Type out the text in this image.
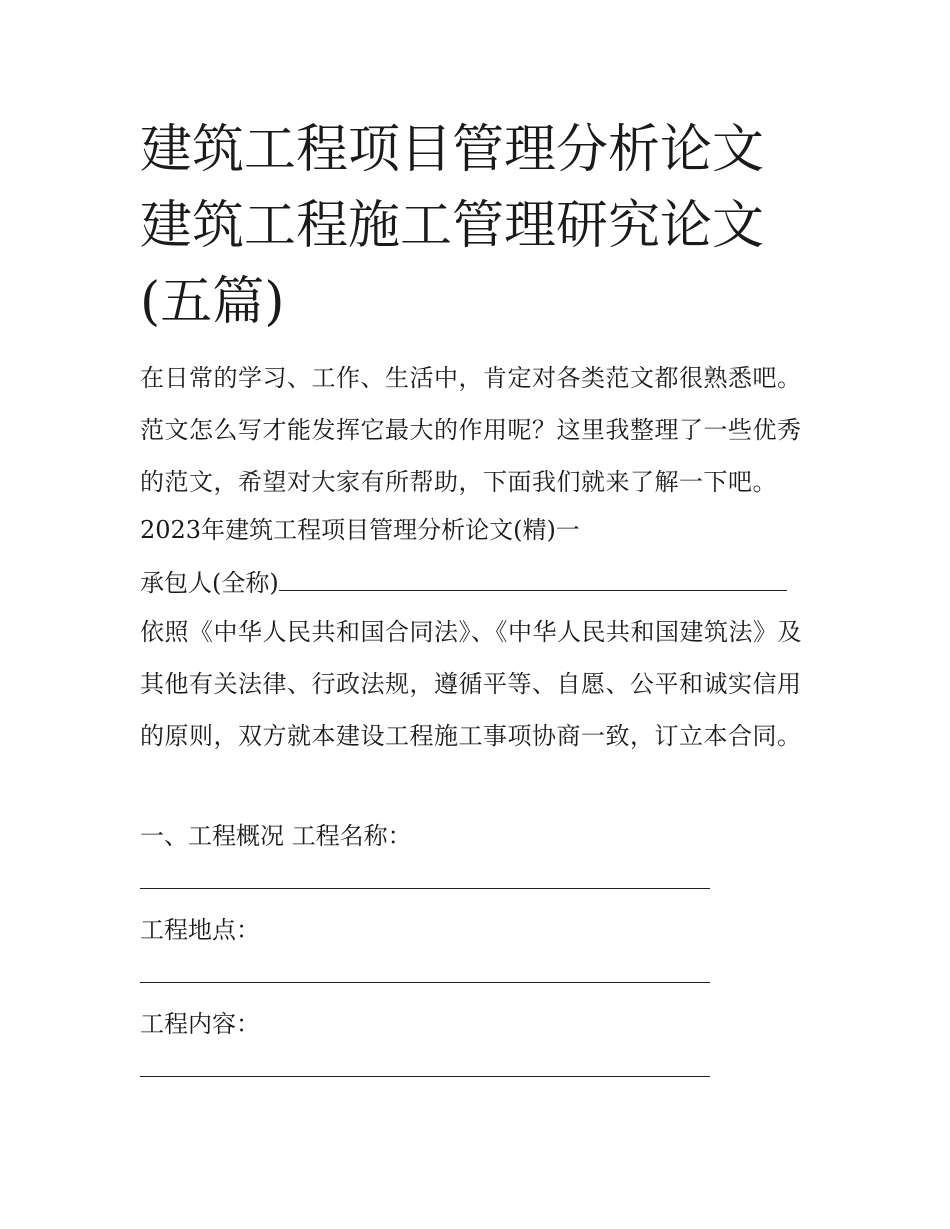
建筑工程项目管理分析论文 建筑工程施工管理研究论文(五篇)

在日常的学习、工作、生活中，肯定对各类范文都很熟悉吧。范文怎么写才能发挥它最大的作用呢？这里我整理了一些优秀的范文，希望对大家有所帮助，下面我们就来了解一下吧。

2023年建筑工程项目管理分析论文(精)一

承包人(全称)

依照《中华人民共和国合同法》、《中华人民共和国建筑法》及其他有关法律、行政法规，遵循平等、自愿、公平和诚实信用的原则，双方就本建设工程施工事项协商一致，订立本合同。

一、工程概况 工程名称：

工程地点：

工程内容：
